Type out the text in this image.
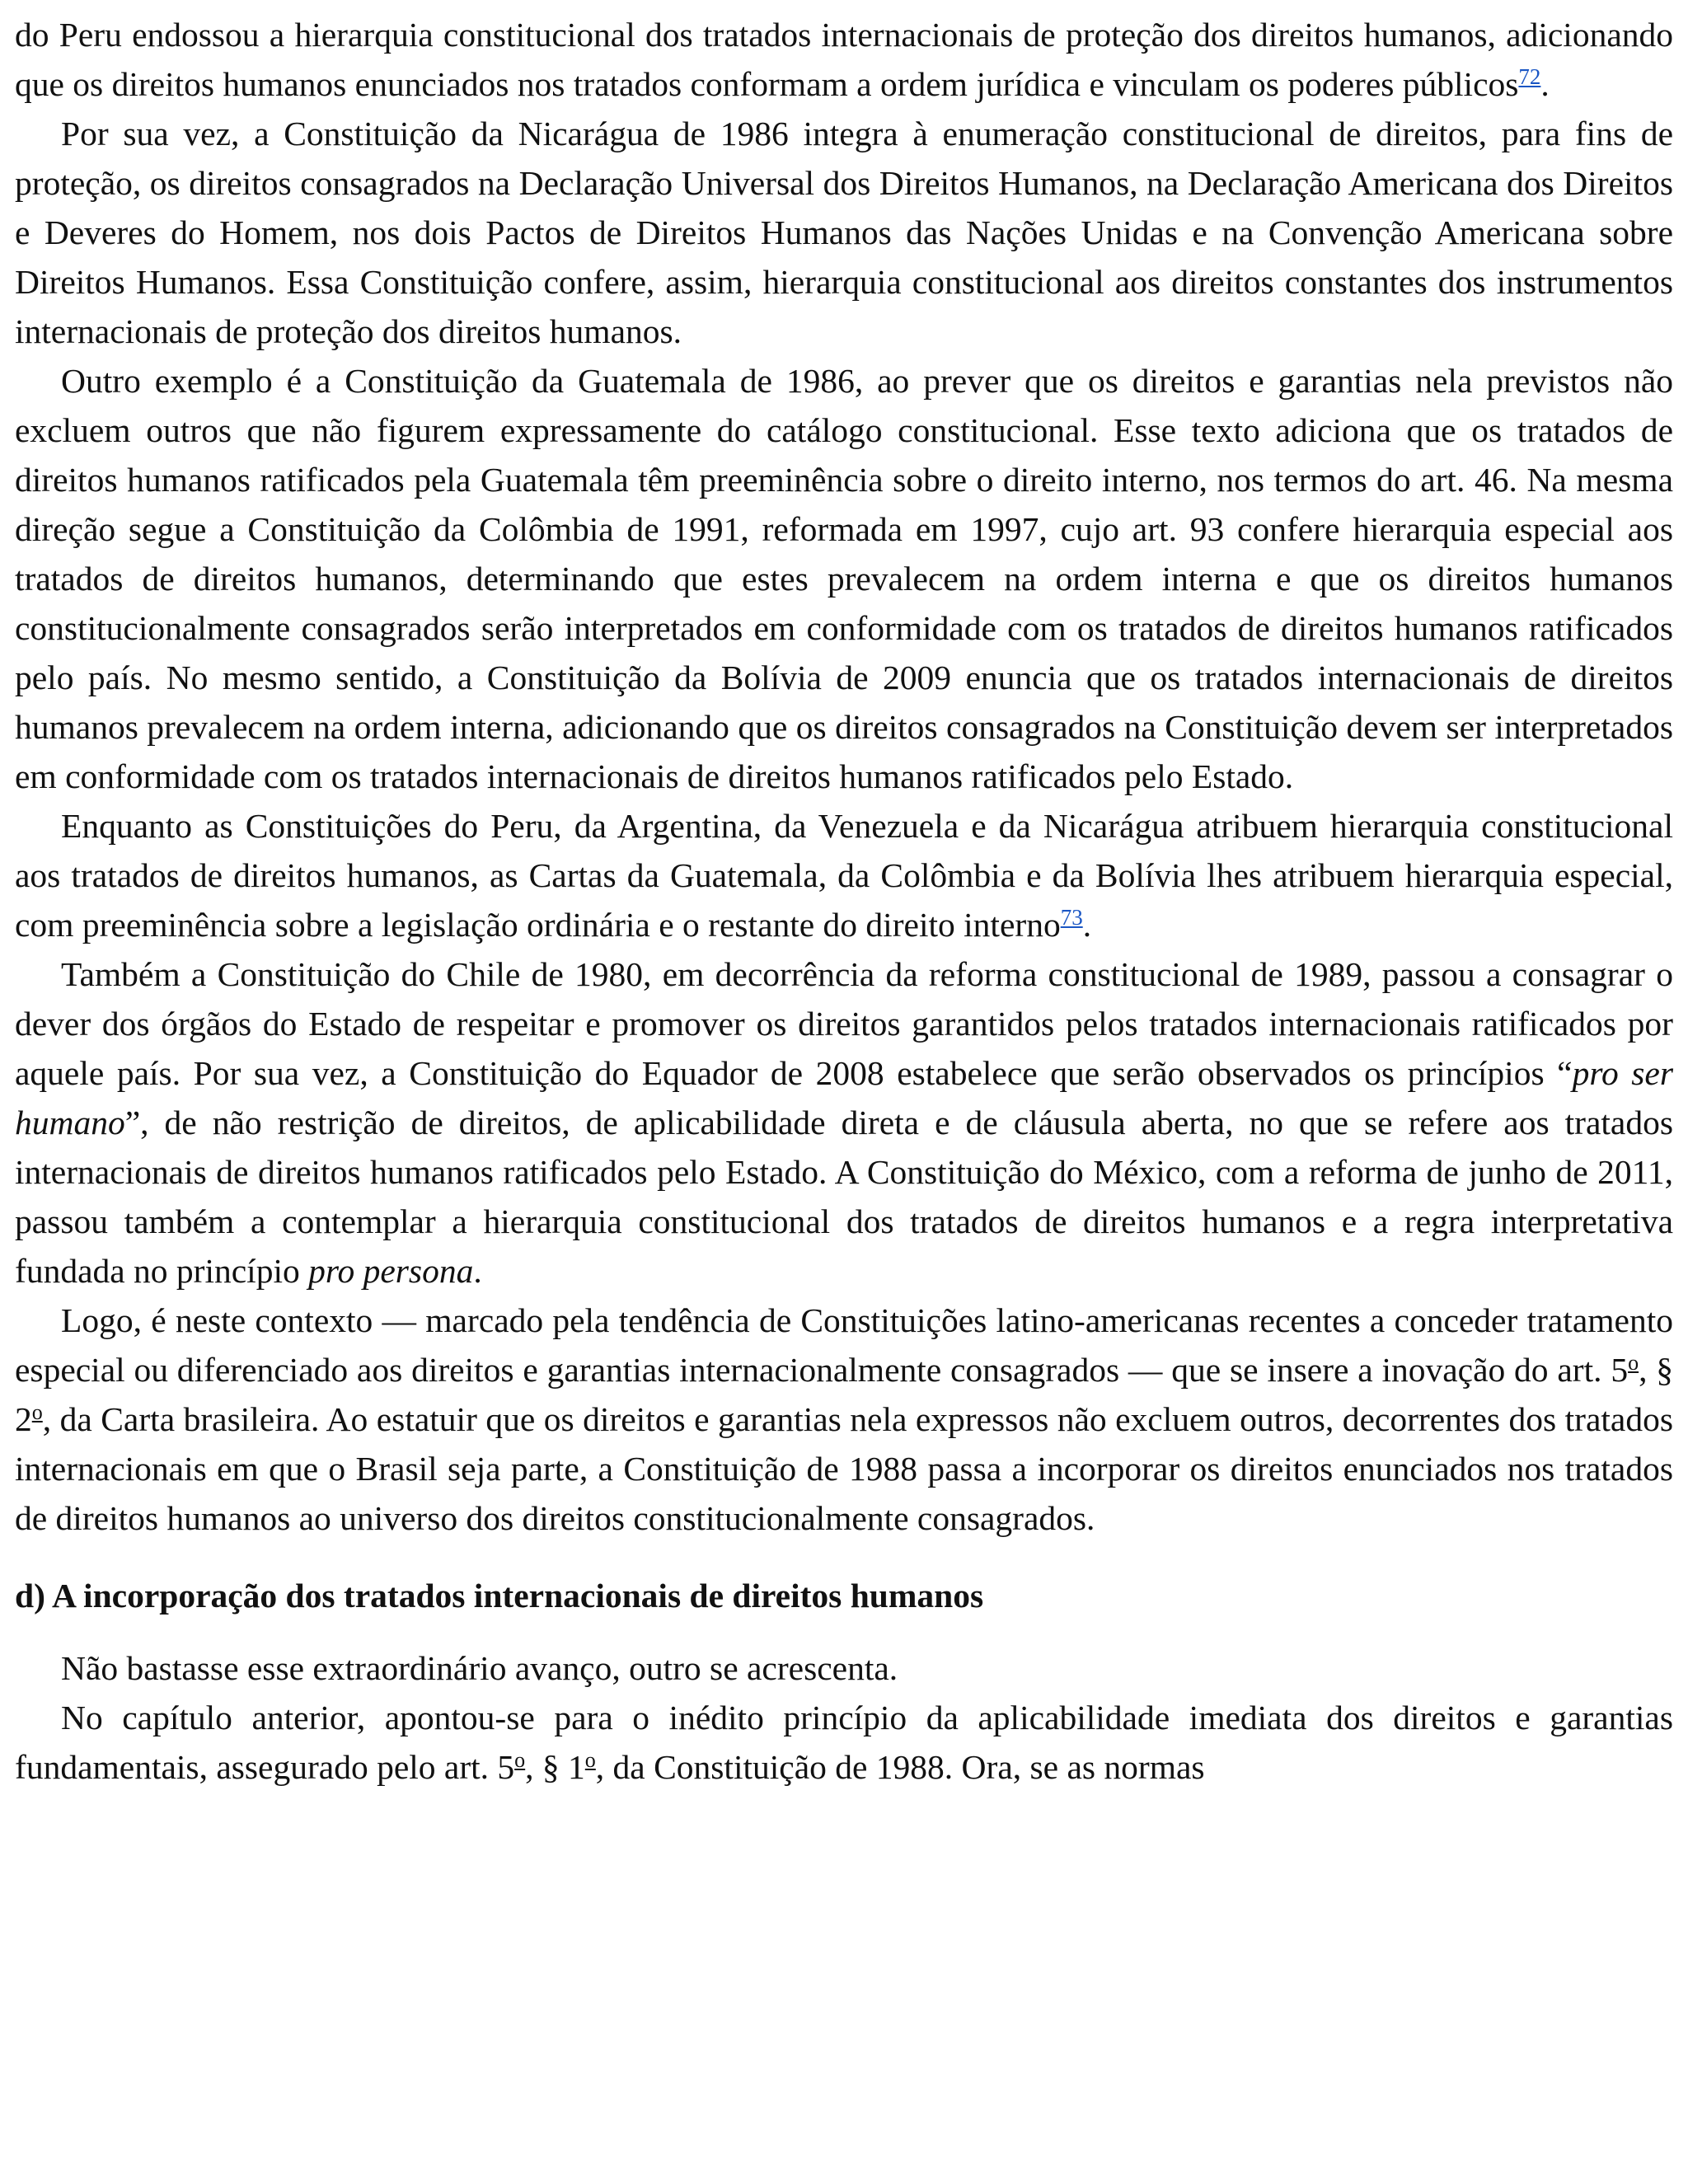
do Peru endossou a hierarquia constitucional dos tratados internacionais de proteção dos direitos humanos, adicionando que os direitos humanos enunciados nos tratados conformam a ordem jurídica e vinculam os poderes públicos$^{72}$.

Por sua vez, a Constituição da Nicarágua de 1986 integra à enumeração constitucional de direitos, para fins de proteção, os direitos consagrados na Declaração Universal dos Direitos Humanos, na Declaração Americana dos Direitos e Deveres do Homem, nos dois Pactos de Direitos Humanos das Nações Unidas e na Convenção Americana sobre Direitos Humanos. Essa Constituição confere, assim, hierarquia constitucional aos direitos constantes dos instrumentos internacionais de proteção dos direitos humanos.

Outro exemplo é a Constituição da Guatemala de 1986, ao prever que os direitos e garantias nela previstos não excluem outros que não figurem expressamente do catálogo constitucional. Esse texto adiciona que os tratados de direitos humanos ratificados pela Guatemala têm preeminência sobre o direito interno, nos termos do art. 46. Na mesma direção segue a Constituição da Colômbia de 1991, reformada em 1997, cujo art. 93 confere hierarquia especial aos tratados de direitos humanos, determinando que estes prevalecem na ordem interna e que os direitos humanos constitucionalmente consagrados serão interpretados em conformidade com os tratados de direitos humanos ratificados pelo país. No mesmo sentido, a Constituição da Bolívia de 2009 enuncia que os tratados internacionais de direitos humanos prevalecem na ordem interna, adicionando que os direitos consagrados na Constituição devem ser interpretados em conformidade com os tratados internacionais de direitos humanos ratificados pelo Estado.

Enquanto as Constituições do Peru, da Argentina, da Venezuela e da Nicarágua atribuem hierarquia constitucional aos tratados de direitos humanos, as Cartas da Guatemala, da Colômbia e da Bolívia lhes atribuem hierarquia especial, com preeminência sobre a legislação ordinária e o restante do direito interno$^{73}$.

Também a Constituição do Chile de 1980, em decorrência da reforma constitucional de 1989, passou a consagrar o dever dos órgãos do Estado de respeitar e promover os direitos garantidos pelos tratados internacionais ratificados por aquele país. Por sua vez, a Constituição do Equador de 2008 estabelece que serão observados os princípios “pro ser humano”, de não restrição de direitos, de aplicabilidade direta e de cláusula aberta, no que se refere aos tratados internacionais de direitos humanos ratificados pelo Estado. A Constituição do México, com a reforma de junho de 2011, passou também a contemplar a hierarquia constitucional dos tratados de direitos humanos e a regra interpretativa fundada no princípio pro persona.

Logo, é neste contexto — marcado pela tendência de Constituições latino-americanas recentes a conceder tratamento especial ou diferenciado aos direitos e garantias internacionalmente consagrados — que se insere a inovação do art. 5$^o$, § 2$^o$, da Carta brasileira. Ao estatuir que os direitos e garantias nela expressos não excluem outros, decorrentes dos tratados internacionais em que o Brasil seja parte, a Constituição de 1988 passa a incorporar os direitos enunciados nos tratados de direitos humanos ao universo dos direitos constitucionalmente consagrados.

d) A incorporação dos tratados internacionais de direitos humanos

Não bastasse esse extraordinário avanço, outro se acrescenta.

No capítulo anterior, apontou-se para o inédito princípio da aplicabilidade imediata dos direitos e garantias fundamentais, assegurado pelo art. 5$^o$, § 1$^o$, da Constituição de 1988. Ora, se as normas
